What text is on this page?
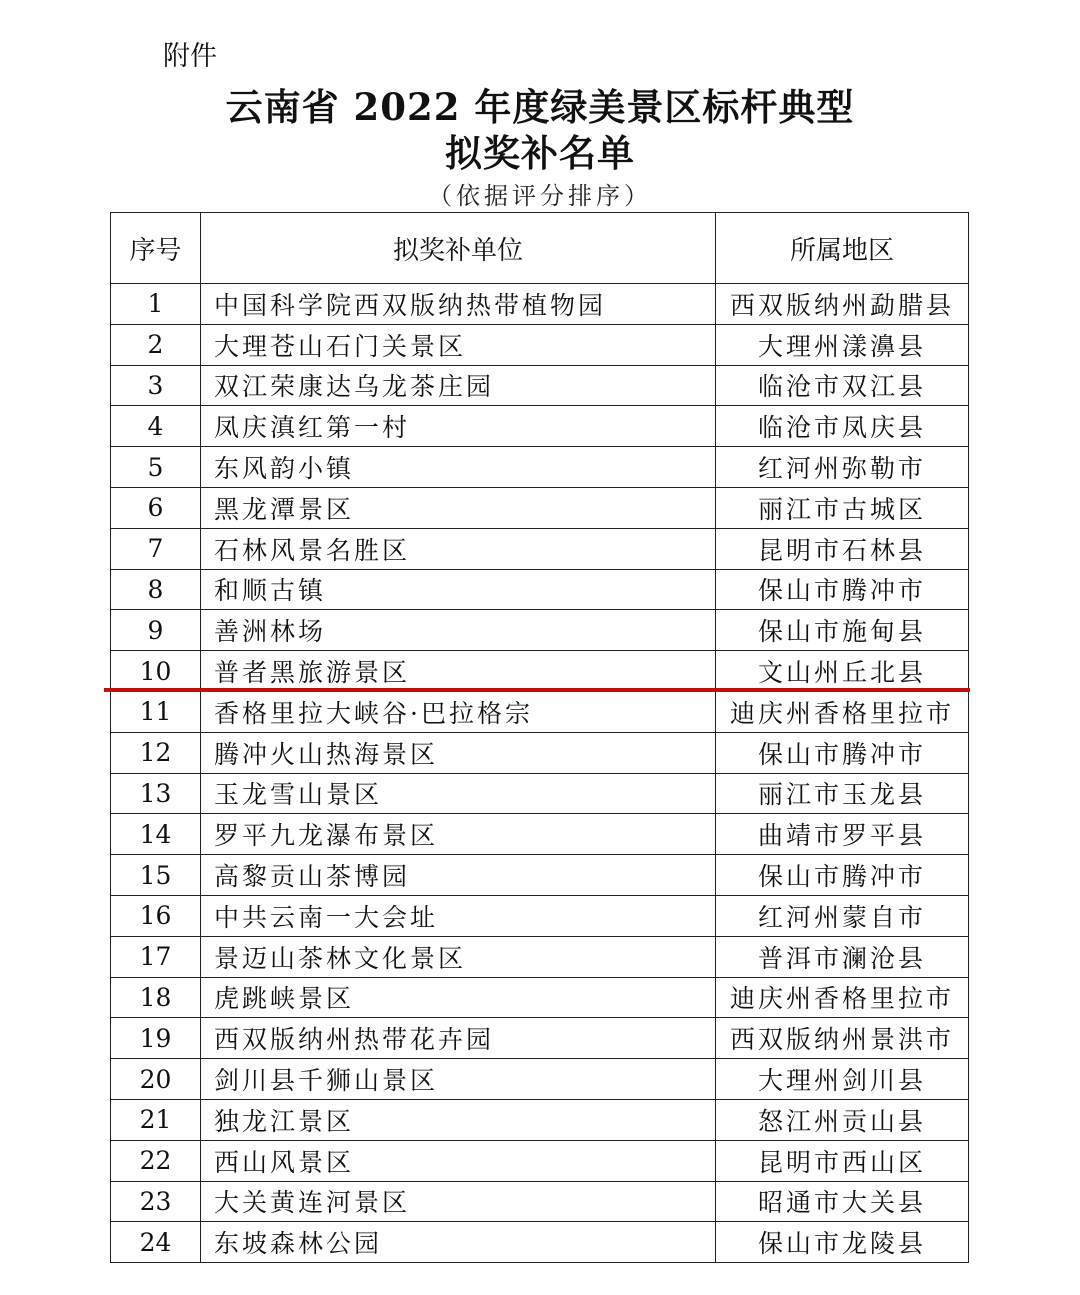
附件
云南省 2022 年度绿美景区标杆典型
拟奖补名单
（依据评分排序）
序号	拟奖补单位	所属地区
1	中国科学院西双版纳热带植物园	西双版纳州勐腊县
2	大理苍山石门关景区	大理州漾濞县
3	双江荣康达乌龙茶庄园	临沧市双江县
4	凤庆滇红第一村	临沧市凤庆县
5	东风韵小镇	红河州弥勒市
6	黑龙潭景区	丽江市古城区
7	石林风景名胜区	昆明市石林县
8	和顺古镇	保山市腾冲市
9	善洲林场	保山市施甸县
10	普者黑旅游景区	文山州丘北县
11	香格里拉大峡谷·巴拉格宗	迪庆州香格里拉市
12	腾冲火山热海景区	保山市腾冲市
13	玉龙雪山景区	丽江市玉龙县
14	罗平九龙瀑布景区	曲靖市罗平县
15	高黎贡山茶博园	保山市腾冲市
16	中共云南一大会址	红河州蒙自市
17	景迈山茶林文化景区	普洱市澜沧县
18	虎跳峡景区	迪庆州香格里拉市
19	西双版纳州热带花卉园	西双版纳州景洪市
20	剑川县千狮山景区	大理州剑川县
21	独龙江景区	怒江州贡山县
22	西山风景区	昆明市西山区
23	大关黄连河景区	昭通市大关县
24	东坡森林公园	保山市龙陵县
